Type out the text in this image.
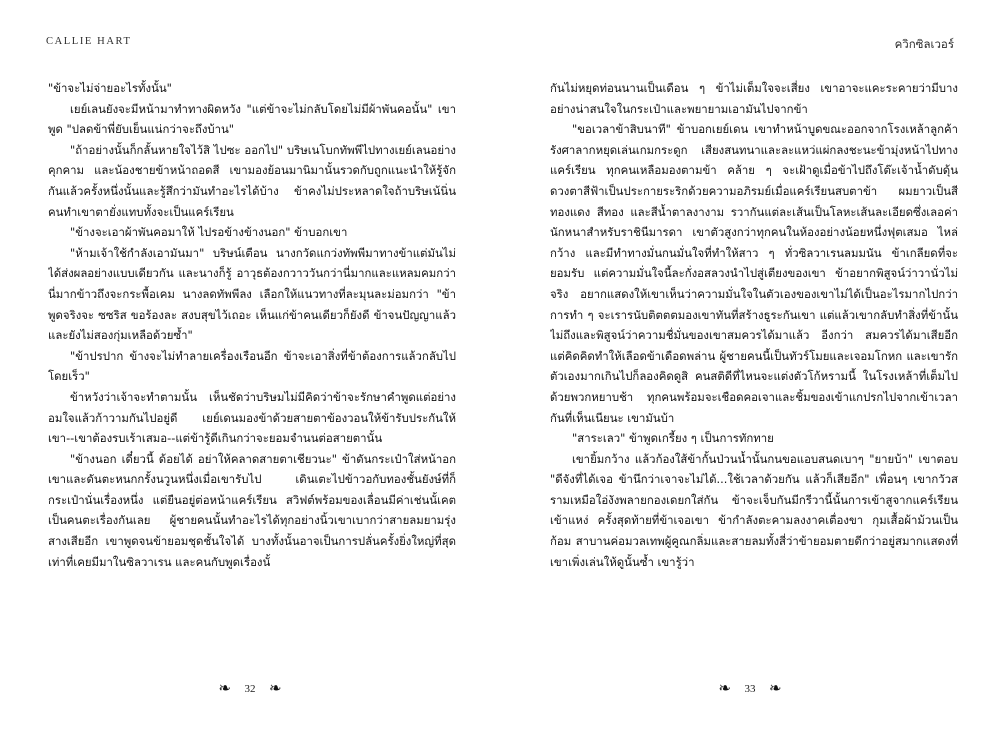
CALLIE HART

"ข้าจะไม่จ่ายอะไรทั้งนั้น"

เยย์เลนยังจะมีหน้ามาทำทางผิดหวัง "แต่ข้าจะไม่กลับโดยไม่มีผ้าพันคอนั้น" เขาพูด "ปลดข้าพี่ยับเย็นแน่กว่าจะถึงบ้าน"

"ถ้าอย่างนั้นก็กลั้นหายใจไว้สิ ไปซะ ออกไป" บริษเนโบกทัพพีไปทางเยย์เลนอย่างคุกคาม และน้องชายข้าหน้าถอดสี เขามองย้อนมานิมานั้นรวดกับถูกแนะนำให้รู้จักกันแล้วครั้งหนึ่งนั้นและรู้สึกว่ามันทำอะไรได้บ้าง ข้าคงไม่ประหลาดใจถ้าบริษเน้นิ่นคนทำเขาตายั่งแทบทั้งจะเป็นแคร์เรียน

"ข้างจะเอาผ้าพันคอมาให้ ไปรอข้างข้างนอก" ข้าบอกเขา

"ห้ามเจ้าใช้กำลังเอามันมา" บริษน์เตือน นางกวัดแกว่งทัพพีมาทางข้าแต่มันไม่ได้ส่งผลอย่างแบบเดียวกัน และนางก็รู้ อาวุธต้องกวาววันกว่านี่มากและแหลมคมกว่านี่มากข้าวถึงจะกระพื้อเคม นางลดทัพพีลง เลือกให้แนวทางที่ละมุนละม่อมกว่า "ข้าพูดจริงจะ ซซริส ขอร้องละ สงบสุขไว้เถอะ เห็นแก่ข้าคนเดียวก็ยังดี ข้าจนปัญญาแล้วและยังไม่สองกุ่มเหลือด้วยซ้ำ"

"ข้าปรปาก ข้างจะไม่ทำลายเครื่องเรือนอีก ข้าจะเอาสิ่งที่ข้าต้องการแล้วกลับไปโดยเร็ว"

ข้าหวังว่าเจ้าจะทำตามนั้น เห็นชัดว่าบริษมไม่มีคิดว่าข้าจะรักษาคำพูดแต่อย่างอมใจแล้วก้าวามกันไปอยู่ดี เยย์เดนมองข้าด้วยสายตาข้องวอนให้ข้ารับประกันให้เขา--เขาต้องรบเร้าเสมอ--แต่ข้ารู้ดีเกินกว่าจะยอมจำนนต่อสายตานั้น

"ข้างนอก เดี๋ยวนี้ ด้อยได้ อย่าให้คลาดสายตาเชียวนะ" ข้าดันกระเป๋าใส่หน้าอกเขาและดันตะหนกกรั้งนวูนหนึ่งเมื่อเขารับไป เดินเตะไปข้าวอกับทองชั้นยังษ์ที่ก็กระเป๋านั่นเรื่องหนึ่ง แต่ยืนอยู่ต่อหน้าแคร์เรียน สวิฟต์พร้อมของเลื่อนมีค่าเช่นนั้เคตเป็นคนตะเรื่องกันเลย ผู้ชายคนนั้นทำอะไรได้ทุกอย่างนิ้วเขาเบากว่าสายลมยามรุ่งสางเสียอีก เขาพูดจนข้ายอมชุดชั้นใจได้ บางทั้งนั้นอาจเป็นการปลั่นครั้งยิ่งใหญ่ที่สุดเท่าที่เคยมีมาในซิลวาเรน และคนกับพูดเรื่องนั้

❧ 32 ❧
ควิกซิลเวอร์

กันไม่หยุดท่อนนานเป็นเดือน ๆ ข้าไม่เต็มใจจะเสี่ยง เขาอาจะแคะระคายว่ามีบางอย่างน่าสนใจในกระเป๋าและพยายามเอามันไปจากข้า

"ขอเวลาข้าสิบนาที" ข้าบอกเยย์เดน เขาทำหน้าบูดขณะออกจากโรงเหล้าลูกค้ารังศาลากหยุดเล่นเกมกระดูก เสียงสนทนาและละแหว่แผ่กลงชะนะข้ามุ่งหน้าไปทางแคร์เรียน ทุกคนเหลือมองตามข้า คล้าย ๆ จะเฝ้าดูเมื่อข้าไปถึงโต๊ะเจ้าน้ำดับดุ้น ดวงตาสีฟ้าเป็นประกายระริกด้วยความอภิรมย์เมื่อแคร์เรียนสบตาข้า ผมยาวเป็นสีทองแดง สีทอง และสีน้ำตาลงางาม รวากันแต่ละเส้นเป็นโลหะเส้นละเอียดซึ่งเลอค่านักหนาสำหรับราชินีมารดา เขาตัวสูงกว่าทุกคนในห้องอย่างน้อยหนึ่งฟุตเสมอ ไหล่กว้าง และมีทำทางมั่นกนมั่นใจที่ทำให้สาว ๆ ทั่วซิลวาเรนลมมนัน ข้าเกลียดที่จะยอมรับ แต่ความมั่นใจนี้ละกั่งอสลวงนำไปสู่เตียงของเขา ข้าอยากพิสูจน์ว่าวานั่วไม่จริง อยากแสดงให้เขาเห็นว่าความมั่นใจในตัวเองของเขาไม่ได้เป็นอะไรมากไปกว่าการทำ ๆ จะเรารนับติตตตมองเขาทันที่สร้างธูระกันเขา แต่แล้วเขากลับทำสิ่งที่ข้านั้นไม่ถึงและพิสูจน์ว่าความชื่มั่นของเขาสมควรได้มาแล้ว อีงกว่า สมควรได้มาเสียอีก แต่คิดคิดทำให้เลือดข้าเดือดพล่าน ผู้ชายคนนี้เป็นทัวร์โมยและเจอมโกหก และเขารักตัวเองมากเกินไปก็ลองคิดดูสิ คนสติดีที่ไหนจะแต่งตัวโก้หรามนี้ ในโรงเหล้าที่เต็มไปด้วยพวกหยาบช้า ทุกคนพร้อมจะเชือดคอเจาและชิ้มของเข้าแกปรกไปจากเข้าเวลากันที่เห็นเนียนะ เขามันบ้า

"สาระเลว" ข้าพูดเกรี้ยง ๆ เป็นการทักทาย

เขายิ้มกว้าง แล้วก้องใส้ข้ากั้นป่วนน้ำนั้นกนขอแอบสนดเบาๆ "ยายบ้า" เขาตอบ "ดีจังที่ได้เจอ ข้านึกว่าเจาจะไม่ได้...ใช้เวลาด้วยกัน แล้วก็เสียอีก" เพื่อนๆ เขากวัวสรามเหมือใอ่งังพลายกองเดยกใส่กัน ข้าจะเจ็บกันมีกรีวานี้นั้นการเข้าสูจากแคร์เรียน เข้าแหง่ ครั้งสุดท้ายที่ข้าเจอเขา ข้ากำลังตะคามลงงาคเตื่องขา กุมเสื้อผ้าม้วนเป็นก้อม สาบานค่อมวลเทพผู้คูณกลิ่มและสายลมทั้งสี่ว่าข้ายอมตายดีกว่าอยู่สมากเเสดงที่เขาเพิ่งเล่นให้ดูนั้นซ้ำ เขารู้ว่า

❧ 33 ❧
